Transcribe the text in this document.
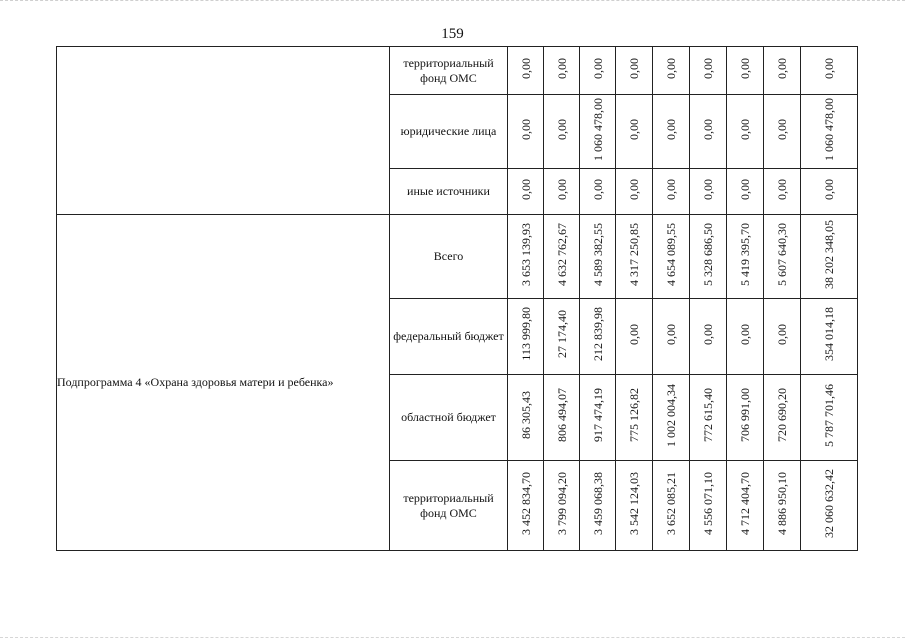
159
	территориальный фонд ОМС	0,00	0,00	0,00	0,00	0,00	0,00	0,00	0,00	0,00
	юридические лица	0,00	0,00	1 060 478,00	0,00	0,00	0,00	0,00	0,00	1 060 478,00
	иные источники	0,00	0,00	0,00	0,00	0,00	0,00	0,00	0,00	0,00
Подпрограмма 4 «Охрана здоровья матери и ребенка»	Всего	3 653 139,93	4 632 762,67	4 589 382,55	4 317 250,85	4 654 089,55	5 328 686,50	5 419 395,70	5 607 640,30	38 202 348,05
	федеральный бюджет	113 999,80	27 174,40	212 839,98	0,00	0,00	0,00	0,00	0,00	354 014,18
	областной бюджет	86 305,43	806 494,07	917 474,19	775 126,82	1 002 004,34	772 615,40	706 991,00	720 690,20	5 787 701,46
	территориальный фонд ОМС	3 452 834,70	3 799 094,20	3 459 068,38	3 542 124,03	3 652 085,21	4 556 071,10	4 712 404,70	4 886 950,10	32 060 632,42
